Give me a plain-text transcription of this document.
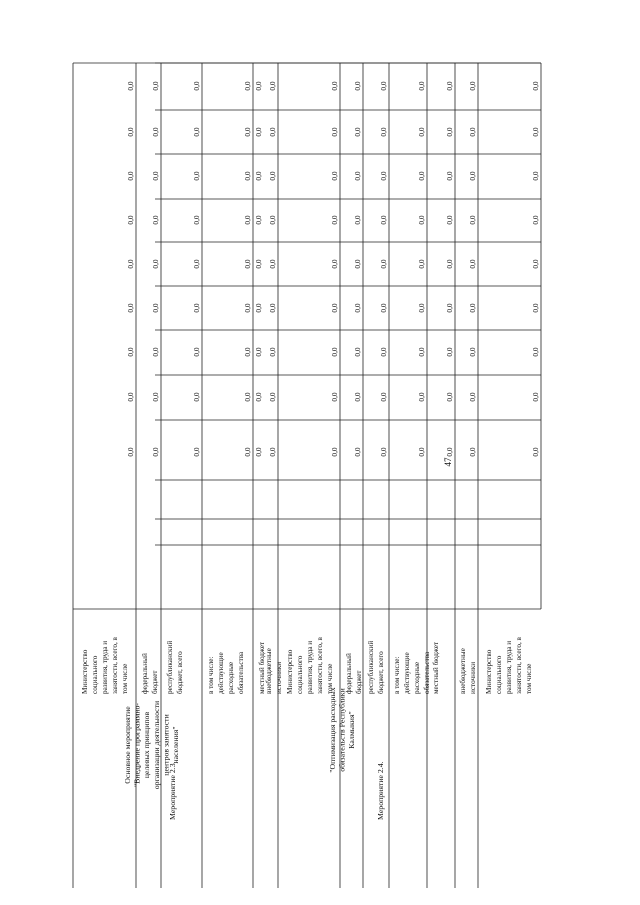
Мероприятие 2.3.	Мероприятие 2.4.
Основное мероприятие "Внедрение программно- целевых принципов организации деятельности центров занятости населения"	"Оптимизация расходных обязательств Республики Калмыкия"
Министерство социального развития, труда и занятости, всего, в том числе
0,0
0,0
0,0
0,0
0,0
0,0
0,0
0,0
0,0
федеральный бюджет
0,0
0,0
0,0
0,0
0,0
0,0
0,0
0,0
0,0
республиканский бюджет, всего
0,0
0,0
0,0
0,0
0,0
0,0
0,0
0,0
0,0
в том числе: действующие расходные обязательства
0,0
0,0
0,0
0,0
0,0
0,0
0,0
0,0
0,0
местный бюджет
0,0
0,0
0,0
0,0
0,0
0,0
0,0
0,0
0,0
внебюджетные источники
0,0
0,0
0,0
0,0
0,0
0,0
0,0
0,0
0,0
Министерство социального развития, труда и занятости, всего, в том числе
0,0
0,0
0,0
0,0
0,0
0,0
0,0
0,0
0,0
федеральный бюджет
0,0
0,0
0,0
0,0
0,0
0,0
0,0
0,0
0,0
республиканский бюджет, всего
0,0
0,0
0,0
0,0
0,0
0,0
0,0
0,0
0,0
в том числе: действующие расходные обязательства
0,0
0,0
0,0
0,0
0,0
0,0
0,0
0,0
0,0
местный бюджет
0,0
0,0
0,0
0,0
0,0
0,0
0,0
0,0
0,0
внебюджетные источники
0,0
0,0
0,0
0,0
0,0
0,0
0,0
0,0
0,0
Министерство социального развития, труда и занятости, всего, в том числе
0,0
0,0
0,0
0,0
0,0
0,0
0,0
0,0
0,0
47
